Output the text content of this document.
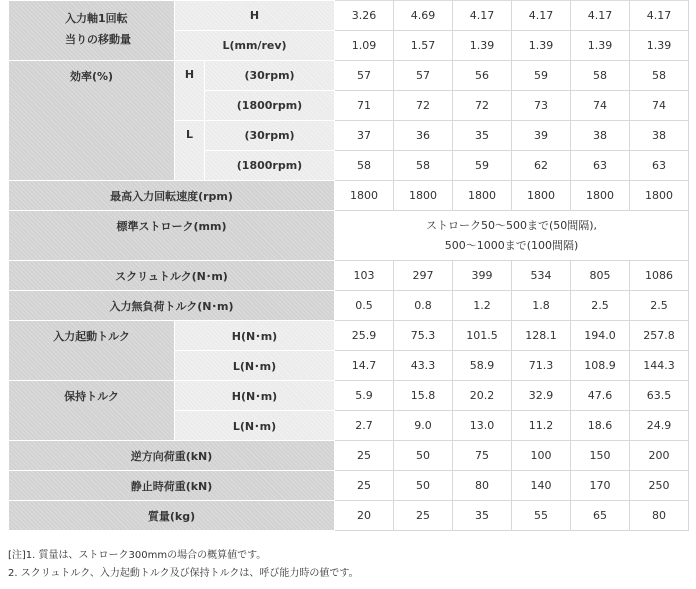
入力軸1回転
当りの移動量	H		3.26	4.69	4.17	4.17	4.17	4.17
	L(mm/rev)		1.09	1.57	1.39	1.39	1.39	1.39
効率(%)	H	(30rpm)	57	57	56	59	58	58
		(1800rpm)	71	72	72	73	74	74
	L	(30rpm)	37	36	35	39	38	38
		(1800rpm)	58	58	59	62	63	63
最高入力回転速度(rpm)			1800	1800	1800	1800	1800	1800
標準ストローク(mm)			ストローク50～500まで(50間隔),
500～1000まで(100間隔)					
スクリュトルク(N･m)			103	297	399	534	805	1086
入力無負荷トルク(N･m)			0.5	0.8	1.2	1.8	2.5	2.5
入力起動トルク	H(N･m)		25.9	75.3	101.5	128.1	194.0	257.8
	L(N･m)		14.7	43.3	58.9	71.3	108.9	144.3
保持トルク	H(N･m)		5.9	15.8	20.2	32.9	47.6	63.5
	L(N･m)		2.7	9.0	13.0	11.2	18.6	24.9
逆方向荷重(kN)			25	50	75	100	150	200
静止時荷重(kN)			25	50	80	140	170	250
質量(kg)			20	25	35	55	65	80
[注]1. 質量は、ストローク300mmの場合の概算値です。
2. スクリュトルク、入力起動トルク及び保持トルクは、呼び能力時の値です。
